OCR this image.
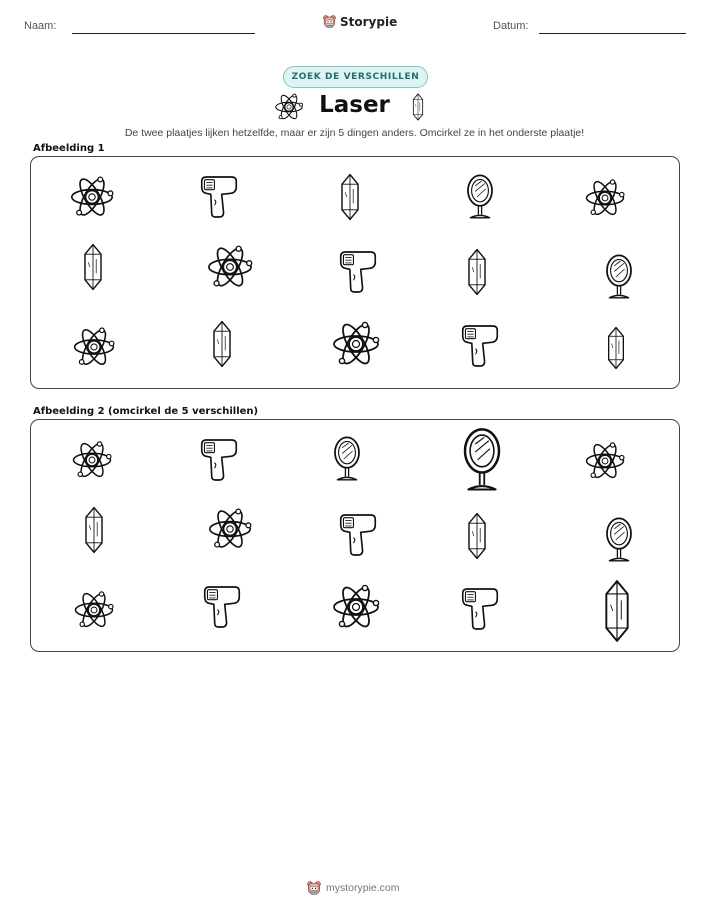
Naam:	Storypie	Datum:
ZOEK DE VERSCHILLEN
Laser
De twee plaatjes lijken hetzelfde, maar er zijn 5 dingen anders. Omcirkel ze in het onderste plaatje!
Afbeelding 1
Afbeelding 2 (omcirkel de 5 verschillen)
mystorypie.com
